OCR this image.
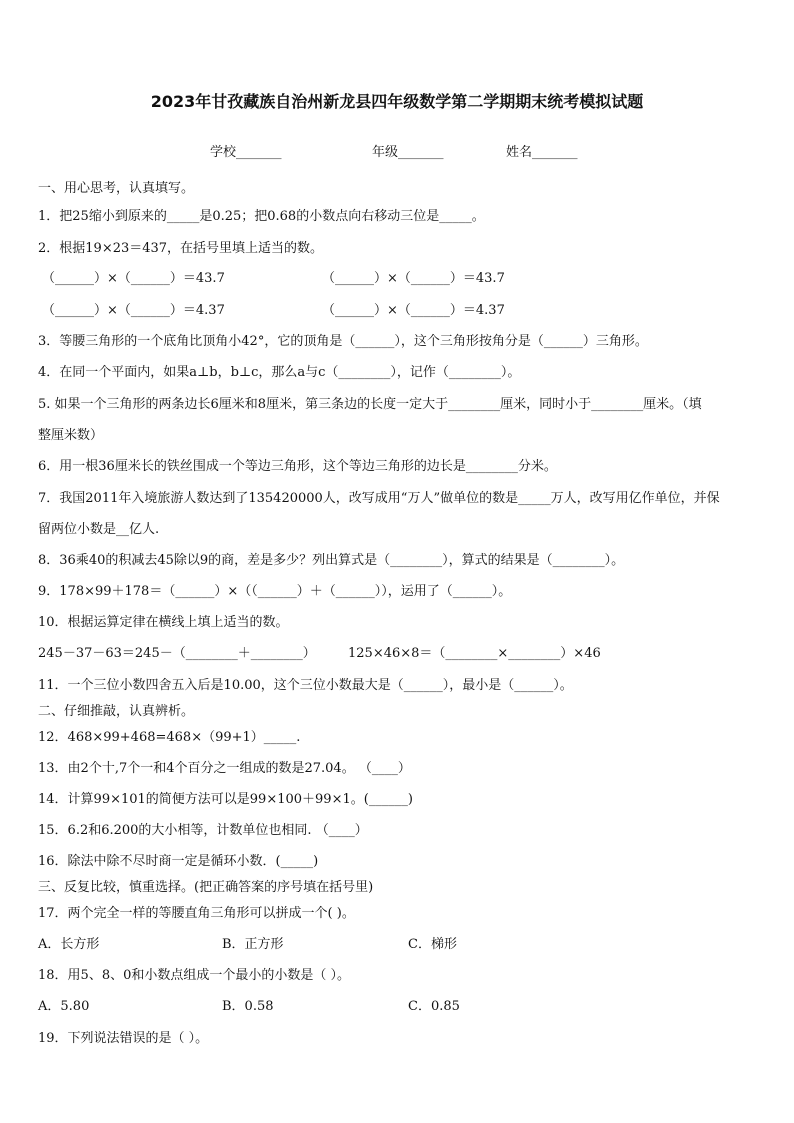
2023年甘孜藏族自治州新龙县四年级数学第二学期期末统考模拟试题
学校_______	年级_______	姓名_______
一、用心思考，认真填写。
1．把25缩小到原来的_____是0.25；把0.68的小数点向右移动三位是_____。
2．根据19×23＝437，在括号里填上适当的数。
（______）×（______）＝43.7	（______）×（______）＝43.7
（______）×（______）＝4.37	（______）×（______）＝4.37
3．等腰三角形的一个底角比顶角小42°，它的顶角是（______），这个三角形按角分是（______）三角形。
4．在同一个平面内，如果a⊥b，b⊥c，那么a与c（________），记作（________）。
5. 如果一个三角形的两条边长6厘米和8厘米，第三条边的长度一定大于________厘米，同时小于________厘米。（填
整厘米数）
6．用一根36厘米长的铁丝围成一个等边三角形，这个等边三角形的边长是________分米。
7．我国2011年入境旅游人数达到了135420000人，改写成用“万人”做单位的数是_____万人，改写用亿作单位，并保
留两位小数是__亿人.
8．36乘40的积减去45除以9的商，差是多少？列出算式是（________），算式的结果是（________）。
9．178×99＋178＝（______）×（（______）＋（______）），运用了（______）。
10．根据运算定律在横线上填上适当的数。
245－37－63＝245－（________＋________）	125×46×8＝（________×________）×46
11．一个三位小数四舍五入后是10.00，这个三位小数最大是（______），最小是（______）。
二、仔细推敲，认真辨析。
12．468×99+468=468×（99+1）_____.
13．由2个十,7个一和4个百分之一组成的数是27.04。 （____）
14．计算99×101的简便方法可以是99×100＋99×1。(______)
15．6.2和6.200的大小相等，计数单位也相同. （____）
16．除法中除不尽时商一定是循环小数．(_____)
三、反复比较，慎重选择。(把正确答案的序号填在括号里)
17．两个完全一样的等腰直角三角形可以拼成一个( )。
A．长方形	B．正方形	C．梯形
18．用5、8、0和小数点组成一个最小的小数是（ ）。
A．5.80	B．0.58	C．0.85
19．下列说法错误的是（ ）。
